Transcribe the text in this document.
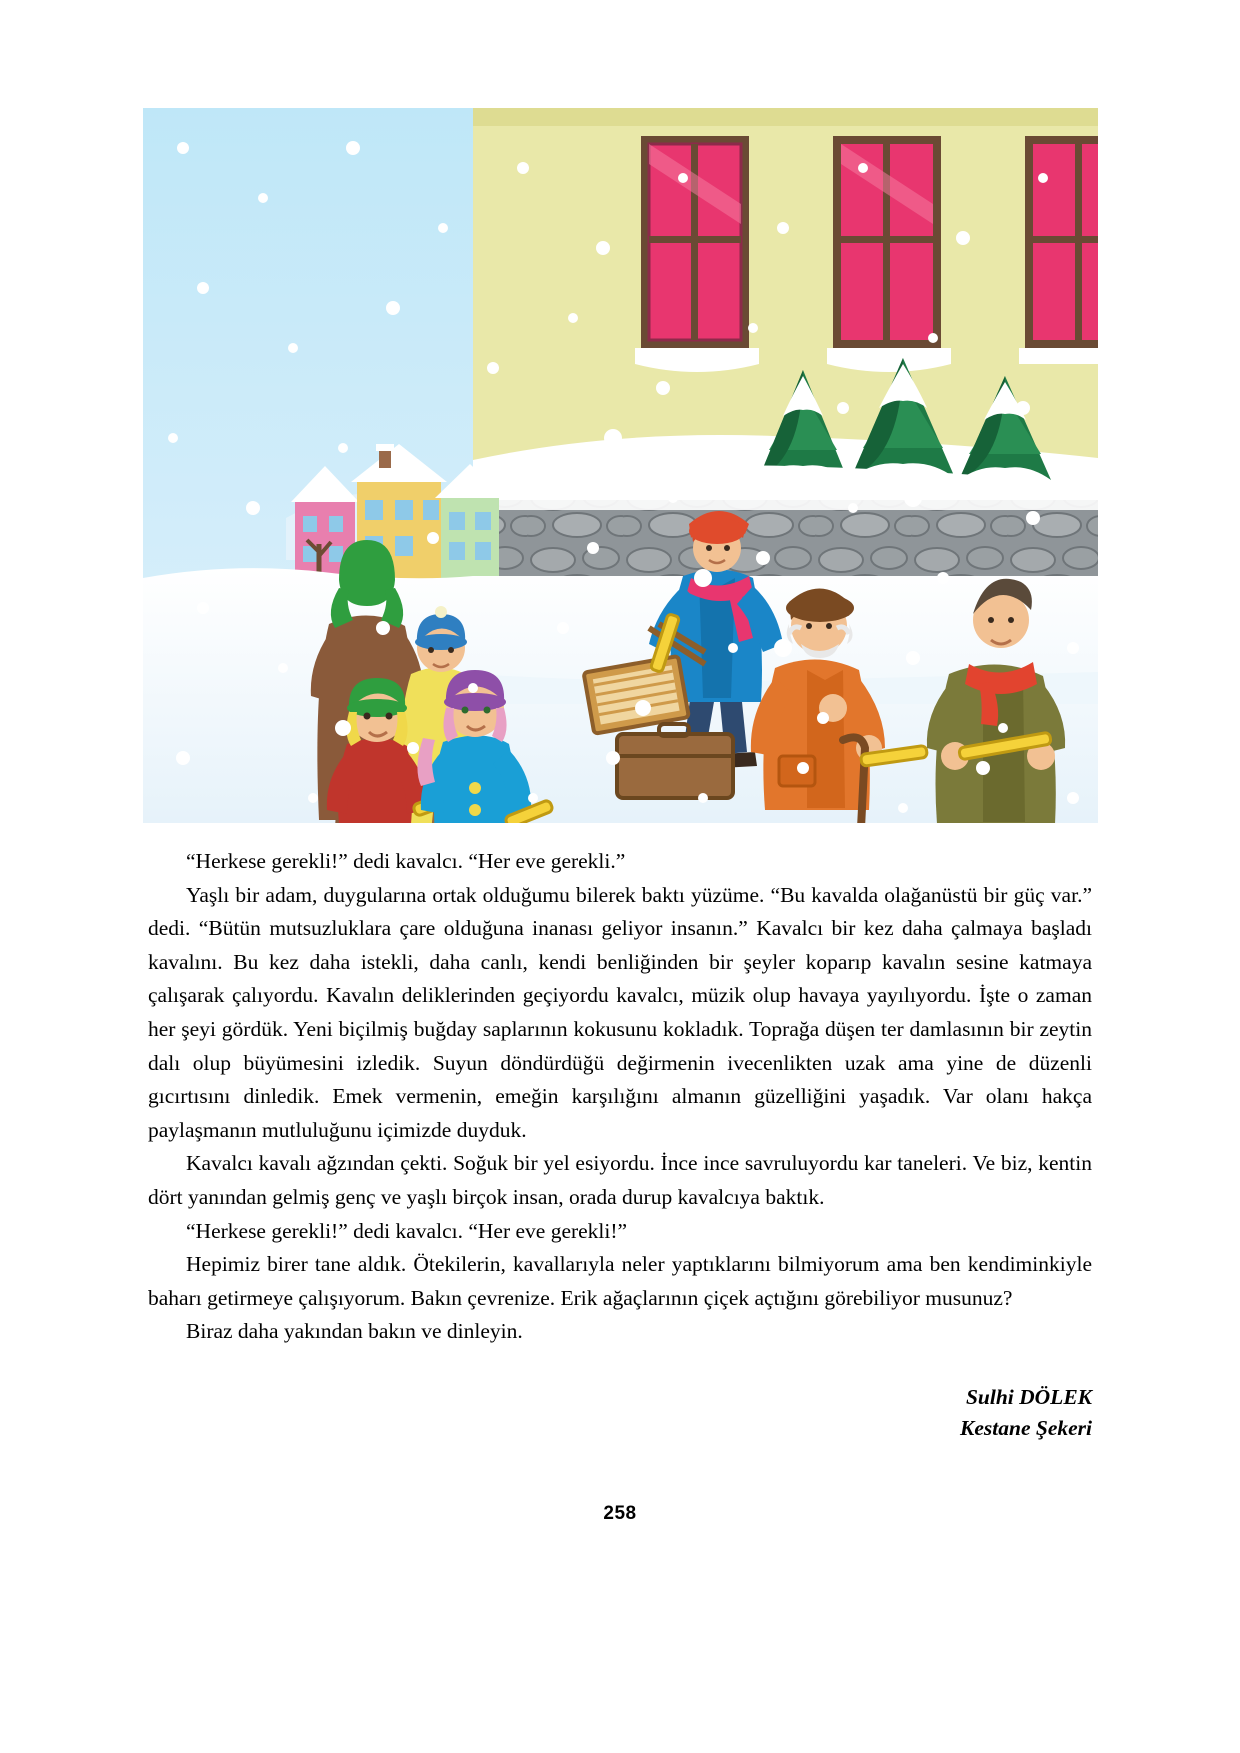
“Herkese gerekli!” dedi kavalcı. “Her eve gerekli.”

Yaşlı bir adam, duygularına ortak olduğumu bilerek baktı yüzüme. “Bu kavalda olağanüstü bir güç var.” dedi. “Bütün mutsuzluklara çare olduğuna inanası geliyor insanın.” Kavalcı bir kez daha çalmaya başladı kavalını. Bu kez daha istekli, daha canlı, kendi benliğinden bir şeyler koparıp kavalın sesine katmaya çalışarak çalıyordu. Kavalın deliklerinden geçiyordu kavalcı, müzik olup havaya yayılıyordu. İşte o zaman her şeyi gördük. Yeni biçilmiş buğday saplarının kokusunu kokladık. Toprağa düşen ter damlasının bir zeytin dalı olup büyümesini izledik. Suyun döndürdüğü değirmenin ivecenlikten uzak ama yine de düzenli gıcırtısını dinledik. Emek vermenin, emeğin karşılığını almanın güzelliğini yaşadık. Var olanı hakça paylaşmanın mutluluğunu içimizde duyduk.

Kavalcı kavalı ağzından çekti. Soğuk bir yel esiyordu. İnce ince savruluyordu kar taneleri. Ve biz, kentin dört yanından gelmiş genç ve yaşlı birçok insan, orada durup kavalcıya baktık.

“Herkese gerekli!” dedi kavalcı. “Her eve gerekli!”

Hepimiz birer tane aldık. Ötekilerin, kavallarıyla neler yaptıklarını bilmiyorum ama ben kendiminkiyle baharı getirmeye çalışıyorum. Bakın çevrenize. Erik ağaçlarının çiçek açtığını görebiliyor musunuz?

Biraz daha yakından bakın ve dinleyin.

Sulhi DÖLEK
Kestane Şekeri
258
